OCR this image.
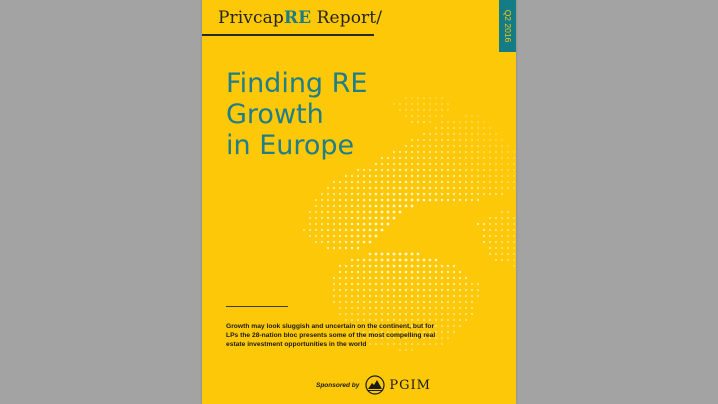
PrivcapRE Report/	Q2 2016
Finding RE
Growth
in Europe
Growth may look sluggish and uncertain on the continent, but for LPs the 28-nation bloc presents some of the most compelling real estate investment opportunities in the world
Sponsored by PGIM
